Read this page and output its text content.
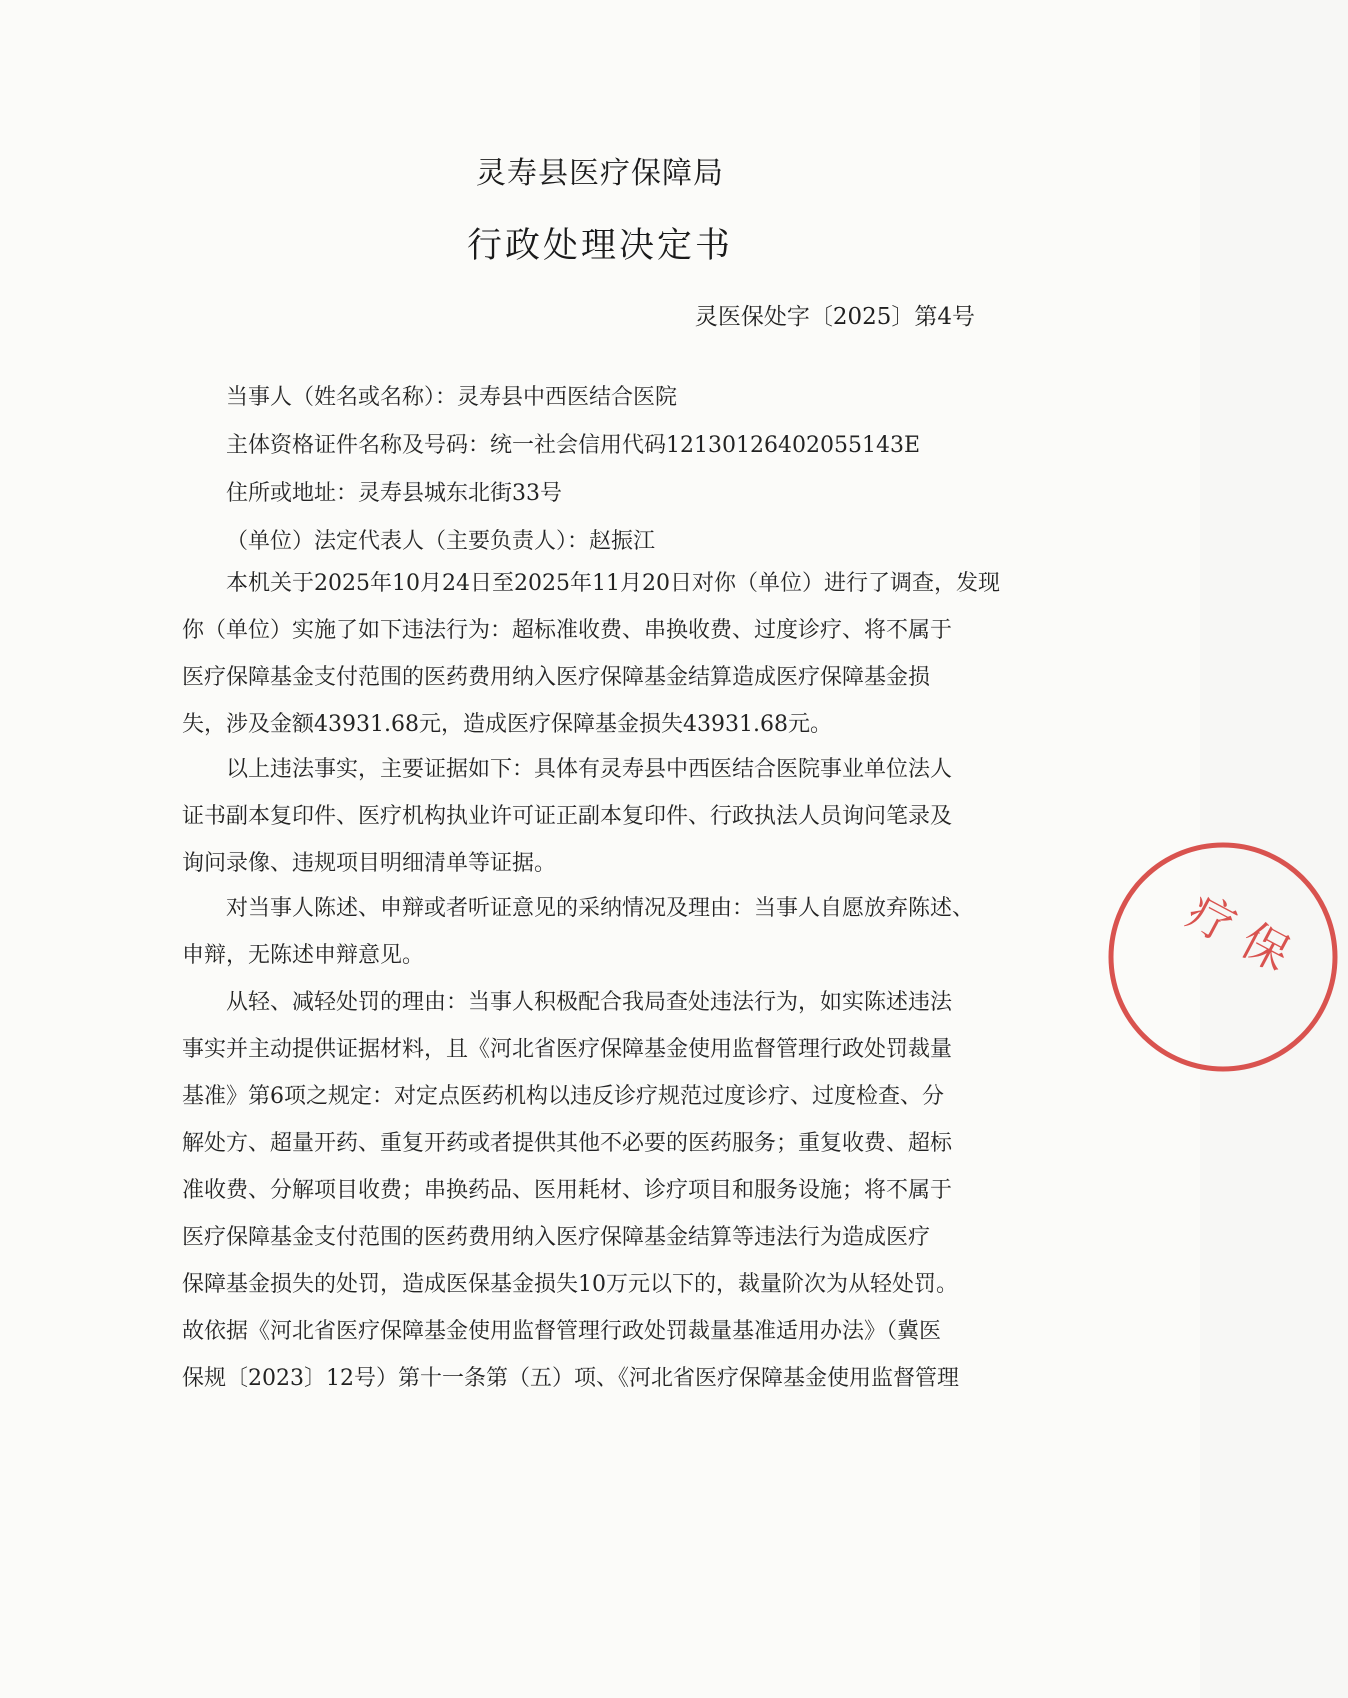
灵寿县医疗保障局
行政处理决定书
灵医保处字〔2025〕第4号
当事人（姓名或名称）：灵寿县中西医结合医院
主体资格证件名称及号码：统一社会信用代码12130126402055143E
住所或地址：灵寿县城东北街33号
（单位）法定代表人（主要负责人）：赵振江
本机关于2025年10月24日至2025年11月20日对你（单位）进行了调查，发现
你（单位）实施了如下违法行为：超标准收费、串换收费、过度诊疗、将不属于
医疗保障基金支付范围的医药费用纳入医疗保障基金结算造成医疗保障基金损
失，涉及金额43931.68元，造成医疗保障基金损失43931.68元。
以上违法事实，主要证据如下：具体有灵寿县中西医结合医院事业单位法人
证书副本复印件、医疗机构执业许可证正副本复印件、行政执法人员询问笔录及
询问录像、违规项目明细清单等证据。
对当事人陈述、申辩或者听证意见的采纳情况及理由：当事人自愿放弃陈述、
申辩，无陈述申辩意见。
从轻、减轻处罚的理由：当事人积极配合我局查处违法行为，如实陈述违法
事实并主动提供证据材料，且《河北省医疗保障基金使用监督管理行政处罚裁量
基准》第6项之规定：对定点医药机构以违反诊疗规范过度诊疗、过度检查、分
解处方、超量开药、重复开药或者提供其他不必要的医药服务；重复收费、超标
准收费、分解项目收费；串换药品、医用耗材、诊疗项目和服务设施；将不属于
医疗保障基金支付范围的医药费用纳入医疗保障基金结算等违法行为造成医疗
保障基金损失的处罚，造成医保基金损失10万元以下的，裁量阶次为从轻处罚。
故依据《河北省医疗保障基金使用监督管理行政处罚裁量基准适用办法》（冀医
保规〔2023〕12号）第十一条第（五）项、《河北省医疗保障基金使用监督管理
疗 保
